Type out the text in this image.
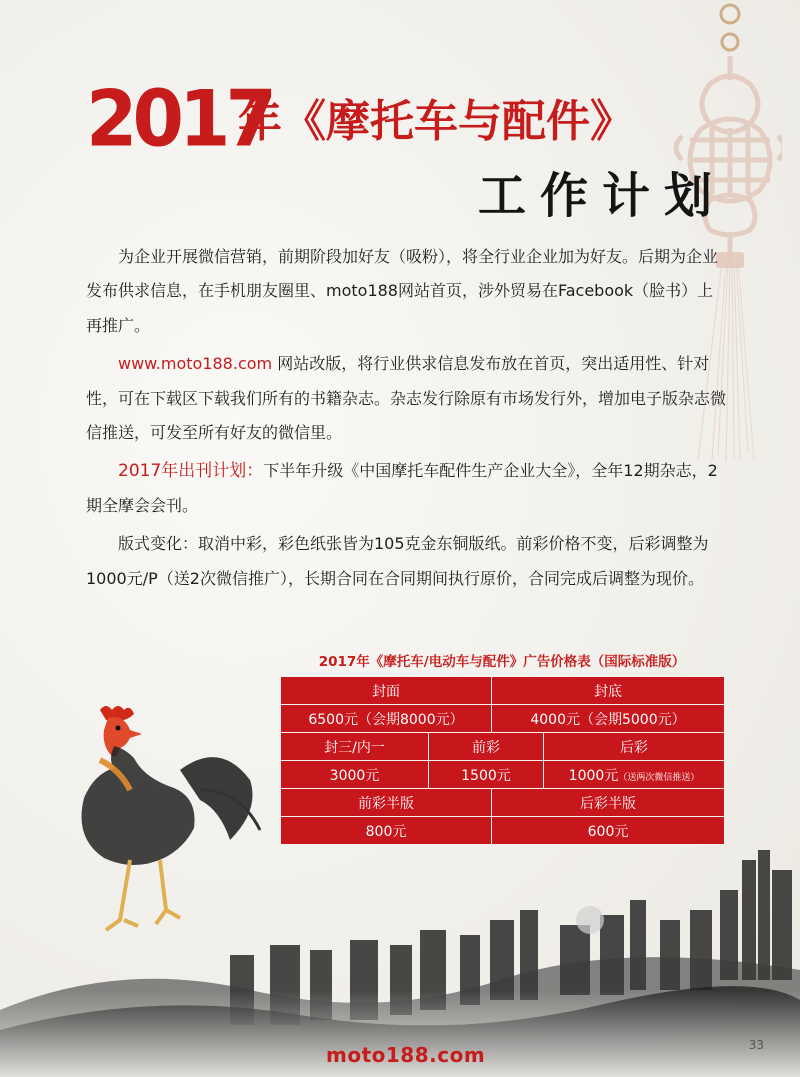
2017
年《摩托车与配件》
工作计划

为企业开展微信营销，前期阶段加好友（吸粉），将全行业企业加为好友。后期为企业发布供求信息，在手机朋友圈里、moto188网站首页，涉外贸易在Facebook（脸书）上再推广。

www.moto188.com 网站改版，将行业供求信息发布放在首页，突出适用性、针对性，可在下载区下载我们所有的书籍杂志。杂志发行除原有市场发行外，增加电子版杂志微信推送，可发至所有好友的微信里。

2017年出刊计划：下半年升级《中国摩托车配件生产企业大全》，全年12期杂志，2期全摩会会刊。

版式变化：取消中彩，彩色纸张皆为105克金东铜版纸。前彩价格不变，后彩调整为1000元/P（送2次微信推广），长期合同在合同期间执行原价，合同完成后调整为现价。

2017年《摩托车/电动车与配件》广告价格表（国际标准版）
封面		封底	
6500元（会期8000元）		4000元（会期5000元）	
封三/内一	前彩		后彩
3000元	1500元		1000元（送两次微信推送）
前彩半版		后彩半版	
800元		600元	
moto188.com	33
